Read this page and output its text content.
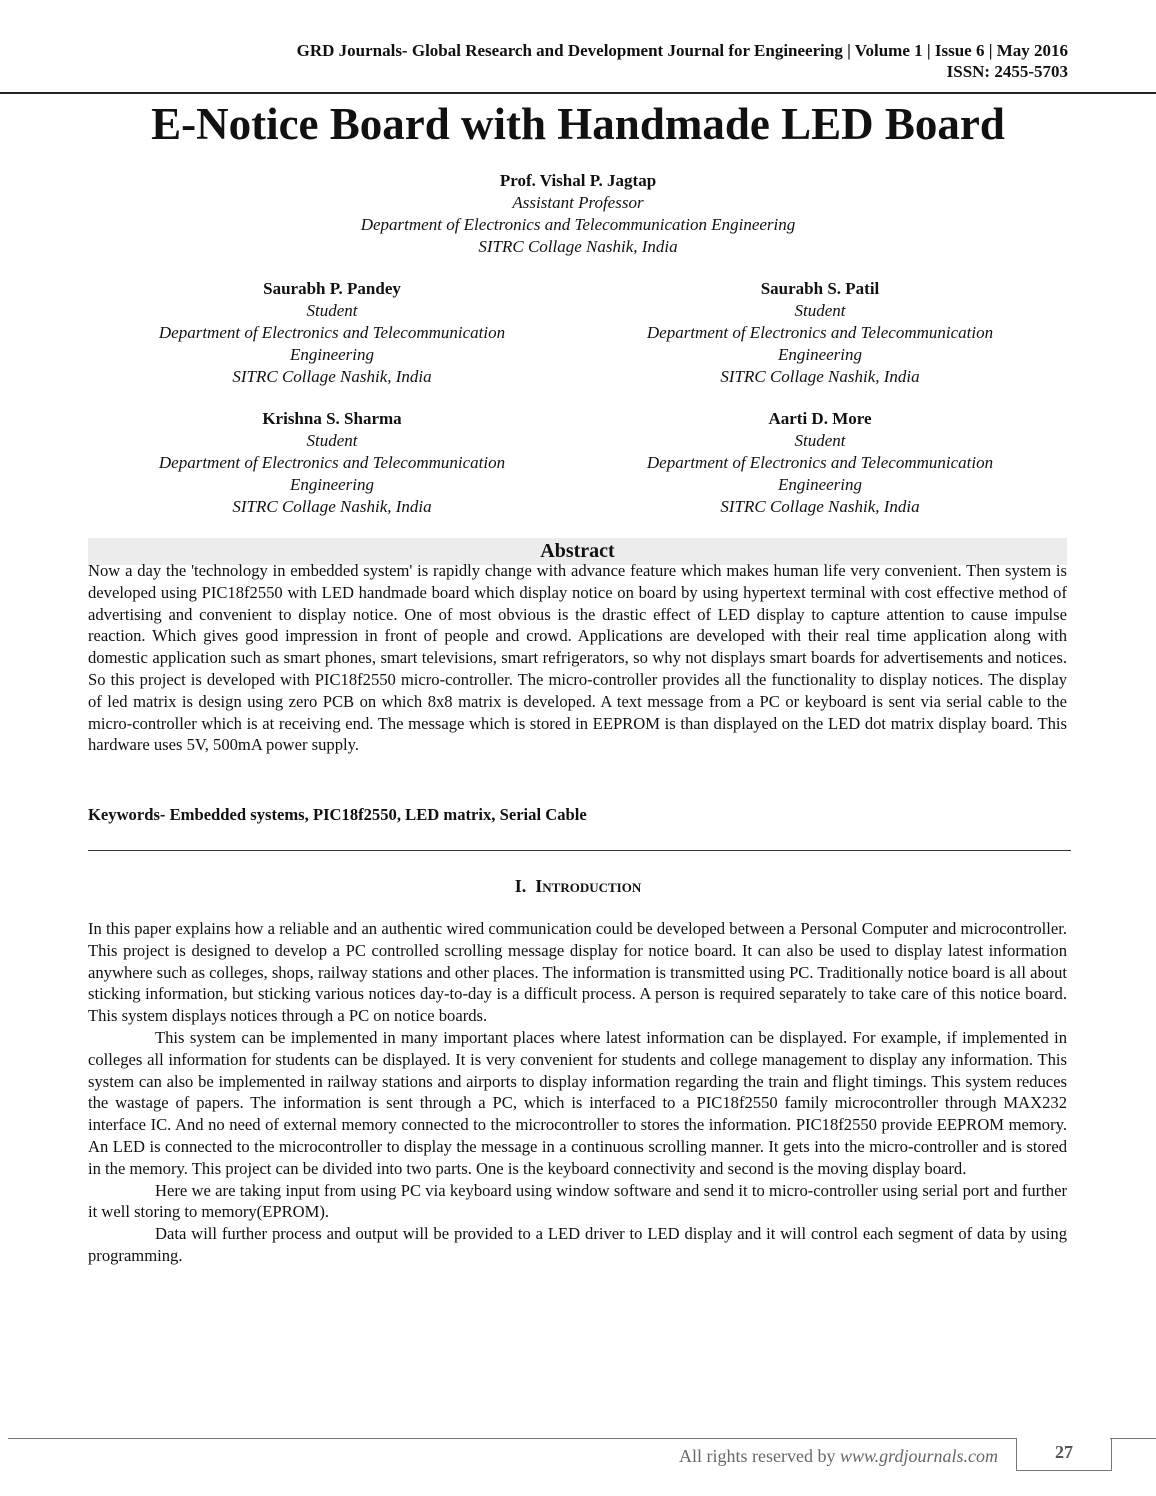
GRD Journals- Global Research and Development Journal for Engineering | Volume 1 | Issue 6 | May 2016
ISSN: 2455-5703
E-Notice Board with Handmade LED Board
Prof. Vishal P. Jagtap
Assistant Professor
Department of Electronics and Telecommunication Engineering
SITRC Collage Nashik, India
Saurabh P. Pandey
Student
Department of Electronics and Telecommunication
Engineering
SITRC Collage Nashik, India
Saurabh S. Patil
Student
Department of Electronics and Telecommunication
Engineering
SITRC Collage Nashik, India
Krishna S. Sharma
Student
Department of Electronics and Telecommunication
Engineering
SITRC Collage Nashik, India
Aarti D. More
Student
Department of Electronics and Telecommunication
Engineering
SITRC Collage Nashik, India
Abstract

Now a day the 'technology in embedded system' is rapidly change with advance feature which makes human life very convenient. Then system is developed using PIC18f2550 with LED handmade board which display notice on board by using hypertext terminal with cost effective method of advertising and convenient to display notice. One of most obvious is the drastic effect of LED display to capture attention to cause impulse reaction. Which gives good impression in front of people and crowd. Applications are developed with their real time application along with domestic application such as smart phones, smart televisions, smart refrigerators, so why not displays smart boards for advertisements and notices. So this project is developed with PIC18f2550 micro-controller. The micro-controller provides all the functionality to display notices. The display of led matrix is design using zero PCB on which 8x8 matrix is developed. A text message from a PC or keyboard is sent via serial cable to the micro-controller which is at receiving end. The message which is stored in EEPROM is than displayed on the LED dot matrix display board. This hardware uses 5V, 500mA power supply.

Keywords- Embedded systems, PIC18f2550, LED matrix, Serial Cable
I. Introduction

In this paper explains how a reliable and an authentic wired communication could be developed between a Personal Computer and microcontroller. This project is designed to develop a PC controlled scrolling message display for notice board. It can also be used to display latest information anywhere such as colleges, shops, railway stations and other places. The information is transmitted using PC. Traditionally notice board is all about sticking information, but sticking various notices day-to-day is a difficult process. A person is required separately to take care of this notice board. This system displays notices through a PC on notice boards.

This system can be implemented in many important places where latest information can be displayed. For example, if implemented in colleges all information for students can be displayed. It is very convenient for students and college management to display any information. This system can also be implemented in railway stations and airports to display information regarding the train and flight timings. This system reduces the wastage of papers. The information is sent through a PC, which is interfaced to a PIC18f2550 family microcontroller through MAX232 interface IC. And no need of external memory connected to the microcontroller to stores the information. PIC18f2550 provide EEPROM memory. An LED is connected to the microcontroller to display the message in a continuous scrolling manner. It gets into the micro-controller and is stored in the memory. This project can be divided into two parts. One is the keyboard connectivity and second is the moving display board.

Here we are taking input from using PC via keyboard using window software and send it to micro-controller using serial port and further it well storing to memory(EPROM).

Data will further process and output will be provided to a LED driver to LED display and it will control each segment of data by using programming.

All rights reserved by www.grdjournals.com	27
